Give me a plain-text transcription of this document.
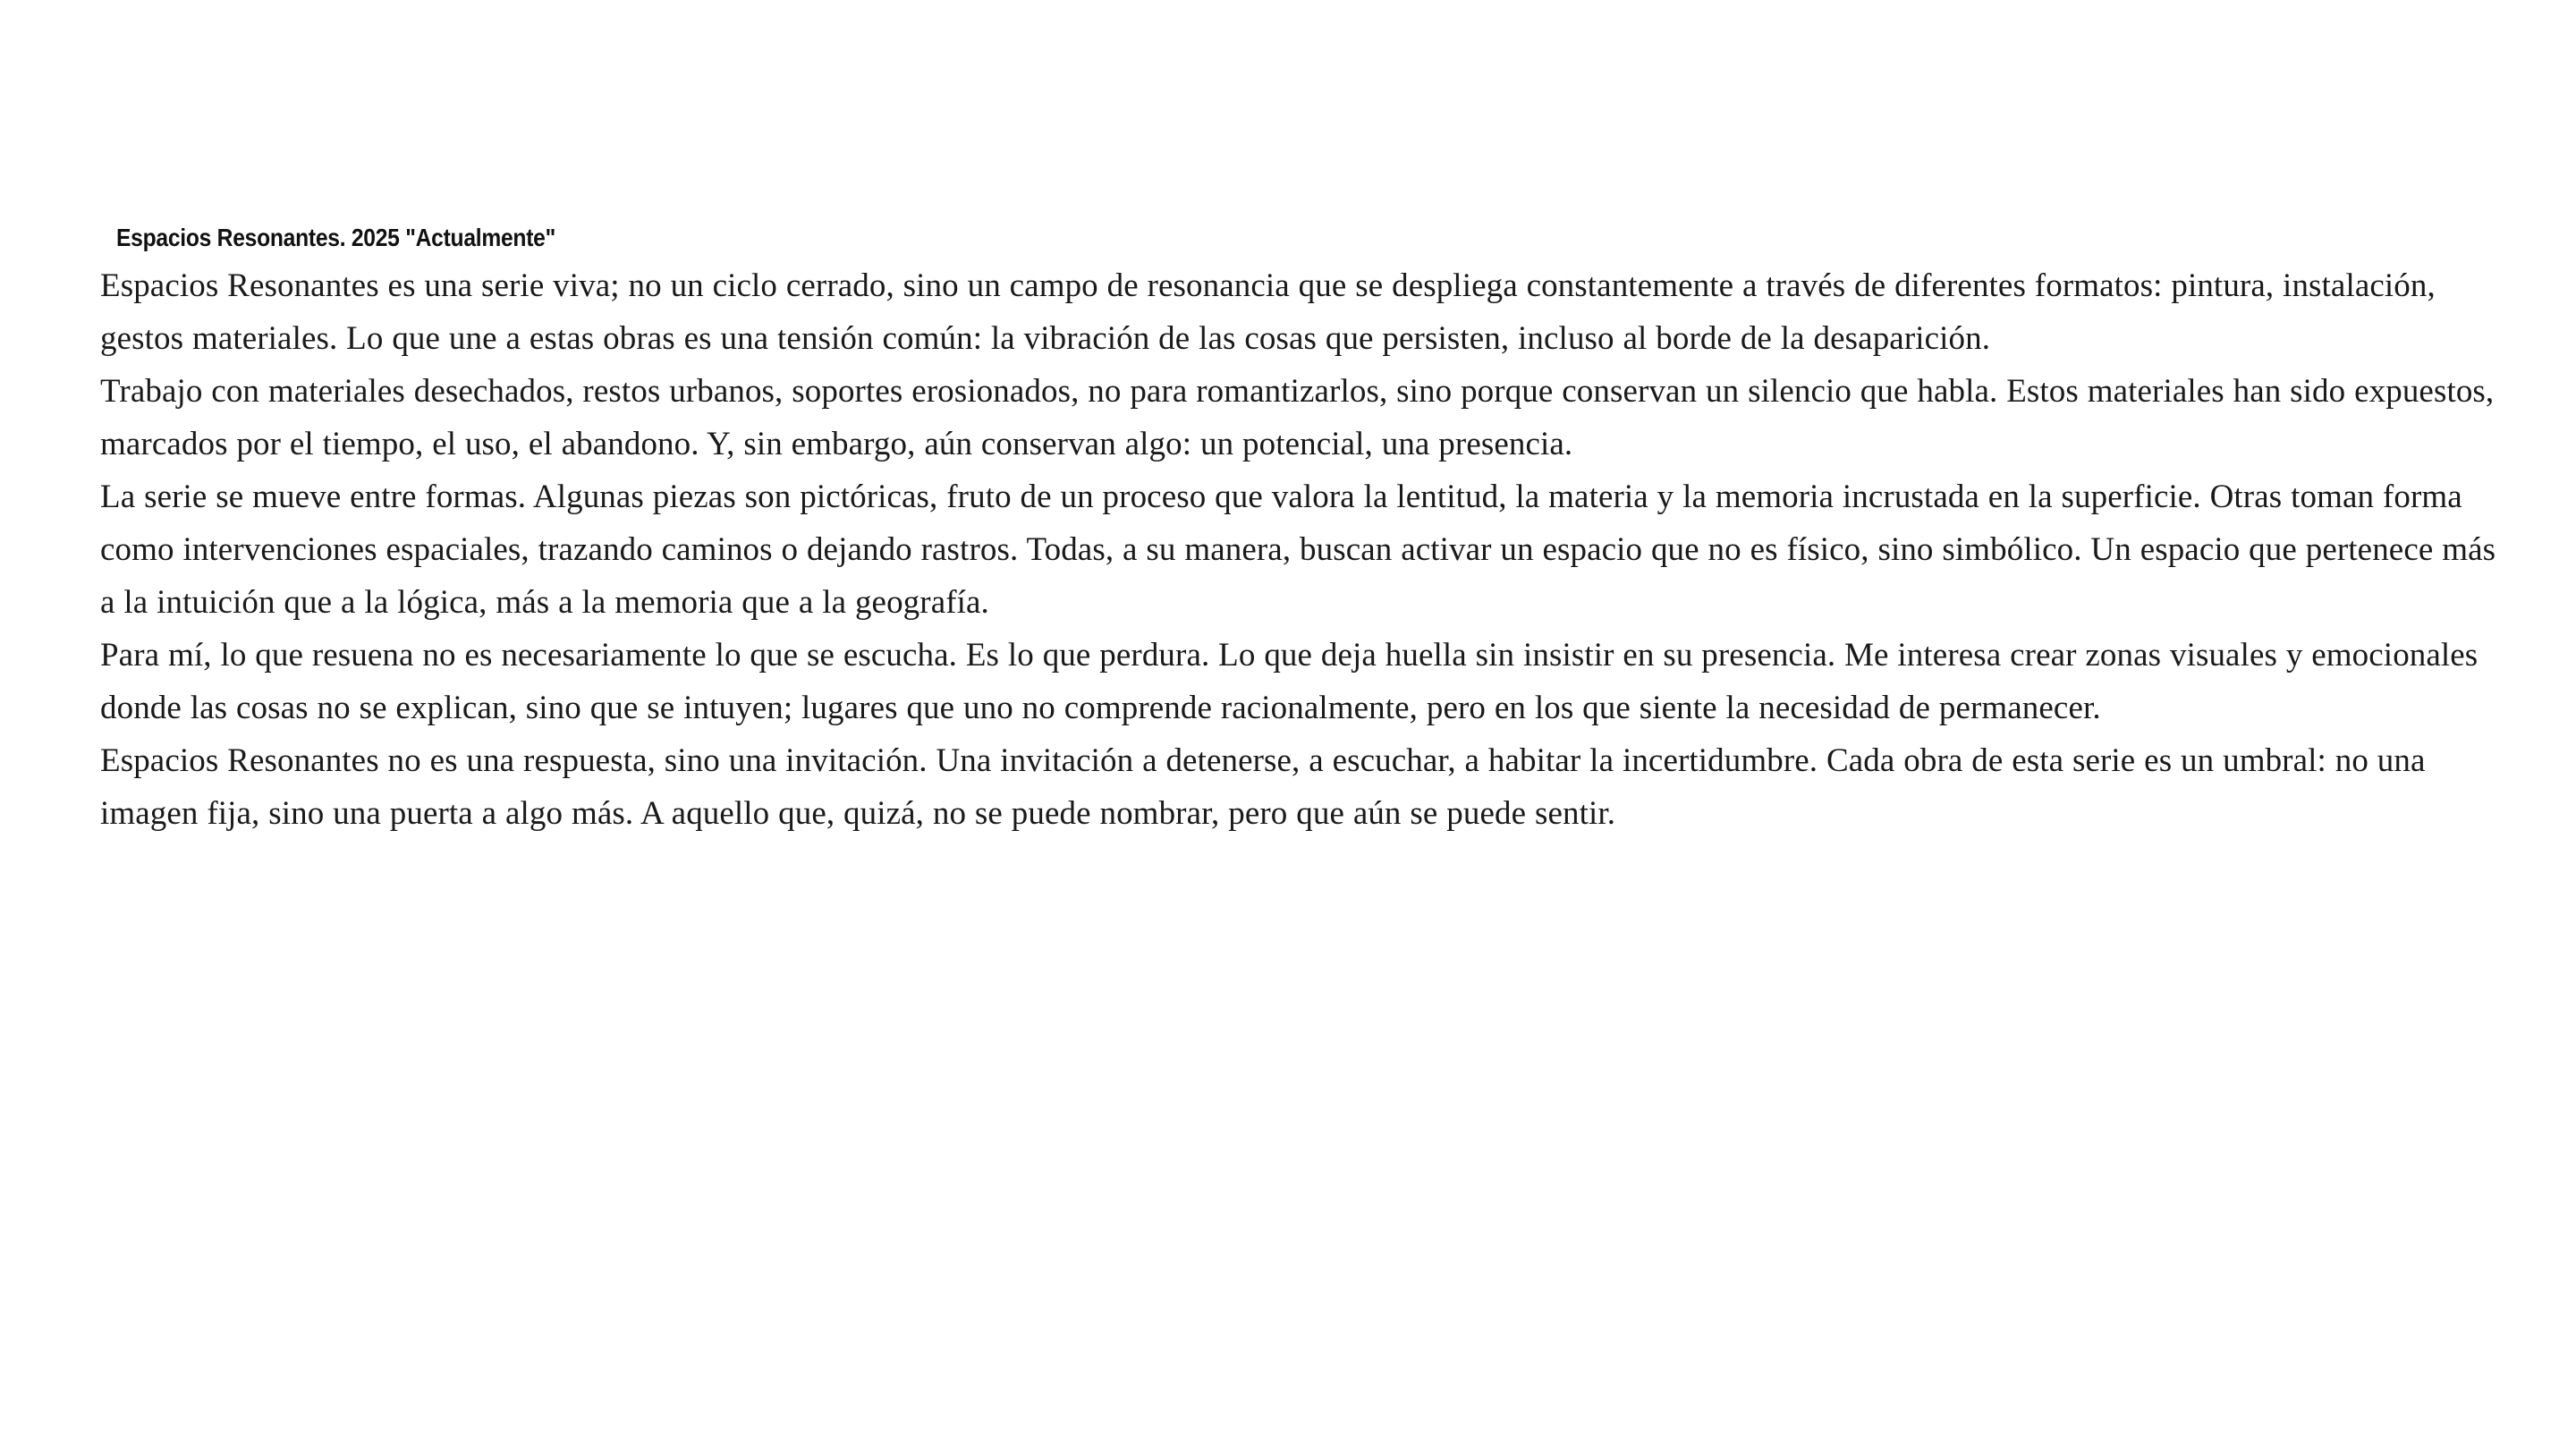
Espacios Resonantes. 2025 "Actualmente"

Espacios Resonantes es una serie viva; no un ciclo cerrado, sino un campo de resonancia que se despliega constantemente a través de diferentes formatos: pintura, instalación, gestos materiales. Lo que une a estas obras es una tensión común: la vibración de las cosas que persisten, incluso al borde de la desaparición.

Trabajo con materiales desechados, restos urbanos, soportes erosionados, no para romantizarlos, sino porque conservan un silencio que habla. Estos materiales han sido expuestos, marcados por el tiempo, el uso, el abandono. Y, sin embargo, aún conservan algo: un potencial, una presencia.

La serie se mueve entre formas. Algunas piezas son pictóricas, fruto de un proceso que valora la lentitud, la materia y la memoria incrustada en la superficie. Otras toman forma como intervenciones espaciales, trazando caminos o dejando rastros. Todas, a su manera, buscan activar un espacio que no es físico, sino simbólico. Un espacio que pertenece más a la intuición que a la lógica, más a la memoria que a la geografía.

Para mí, lo que resuena no es necesariamente lo que se escucha. Es lo que perdura. Lo que deja huella sin insistir en su presencia. Me interesa crear zonas visuales y emocionales donde las cosas no se explican, sino que se intuyen; lugares que uno no comprende racionalmente, pero en los que siente la necesidad de permanecer.

Espacios Resonantes no es una respuesta, sino una invitación. Una invitación a detenerse, a escuchar, a habitar la incertidumbre. Cada obra de esta serie es un umbral: no una imagen fija, sino una puerta a algo más. A aquello que, quizá, no se puede nombrar, pero que aún se puede sentir.
